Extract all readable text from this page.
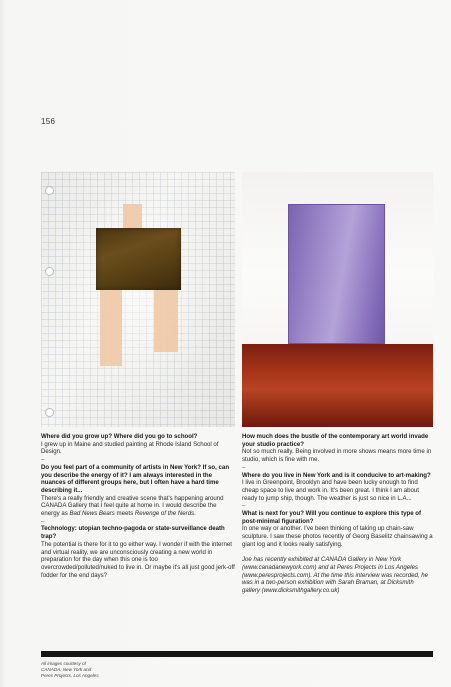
156
Where did you grow up? Where did you go to school?
I grew up in Maine and studied painting at Rhode Island School of Design.
–
Do you feel part of a community of artists in New York? If so, can you describe the energy of it? I am always interested in the nuances of different groups here, but I often have a hard time describing it...
There's a really friendly and creative scene that's happening around CANADA Gallery that I feel quite at home in. I would describe the energy as Bad News Bears meets Revenge of the Nerds.
–
Technology: utopian techno-pagoda or state-surveillance death trap?
The potential is there for it to go either way. I wonder if with the internet and virtual reality, we are unconsciously creating a new world in preparation for the day when this one is too overcrowded/polluted/nuked to live in. Or maybe it's all just good jerk-off fodder for the end days?
How much does the bustle of the contemporary art world invade your studio practice?
Not so much really. Being involved in more shows means more time in studio, which is fine with me.
–
Where do you live in New York and is it conducive to art-making?
I live in Greenpoint, Brooklyn and have been lucky enough to find cheap space to live and work in. It's been great. I think I am about ready to jump ship, though. The weather is just so nice in L.A...
–
What is next for you? Will you continue to explore this type of post-minimal figuration?
In one way or another. I've been thinking of taking up chain-saw sculpture. I saw these photos recently of Georg Baselitz chainsawing a giant log and it looks really satisfying.
Joe has recently exhibited at CANADA Gallery in New York (www.canadanewyork.com) and at Peres Projects in Los Angeles (www.peresprojects.com). At the time this interview was recorded, he was in a two-person exhibition with Sarah Braman, at Dicksmith gallery (www.dicksmithgallery.co.uk)
All images courtesy of
CANADA, New York and
Peres Projects, Los Angeles.
